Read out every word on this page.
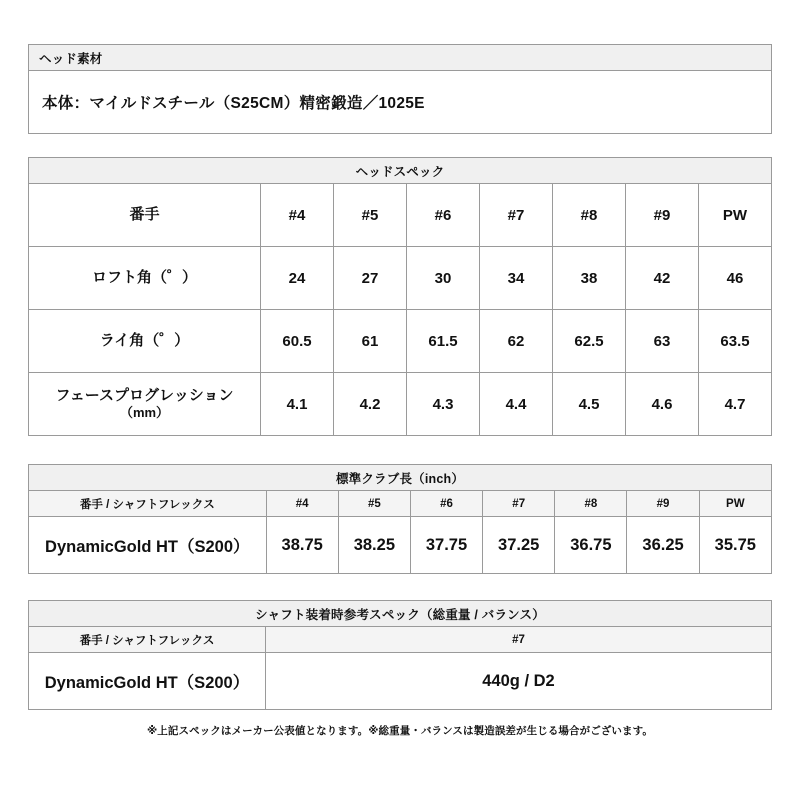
ヘッド素材
本体：マイルドスチール（S25CM）精密鍛造／1025E
ヘッドスペック							
番手	#4	#5	#6	#7	#8	#9	PW
ロフト角（゜）	24	27	30	34	38	42	46
ライ角（゜）	60.5	61	61.5	62	62.5	63	63.5
フェースプログレッション
（mm）	4.1	4.2	4.3	4.4	4.5	4.6	4.7
標準クラブ長（inch）							
番手 / シャフトフレックス	#4	#5	#6	#7	#8	#9	PW
DynamicGold HT（S200）	38.75	38.25	37.75	37.25	36.75	36.25	35.75
シャフト装着時参考スペック（総重量 / バランス）	
番手 / シャフトフレックス	#7
DynamicGold HT（S200）	440g / D2
※上記スペックはメーカー公表値となります。※総重量・バランスは製造誤差が生じる場合がございます。
